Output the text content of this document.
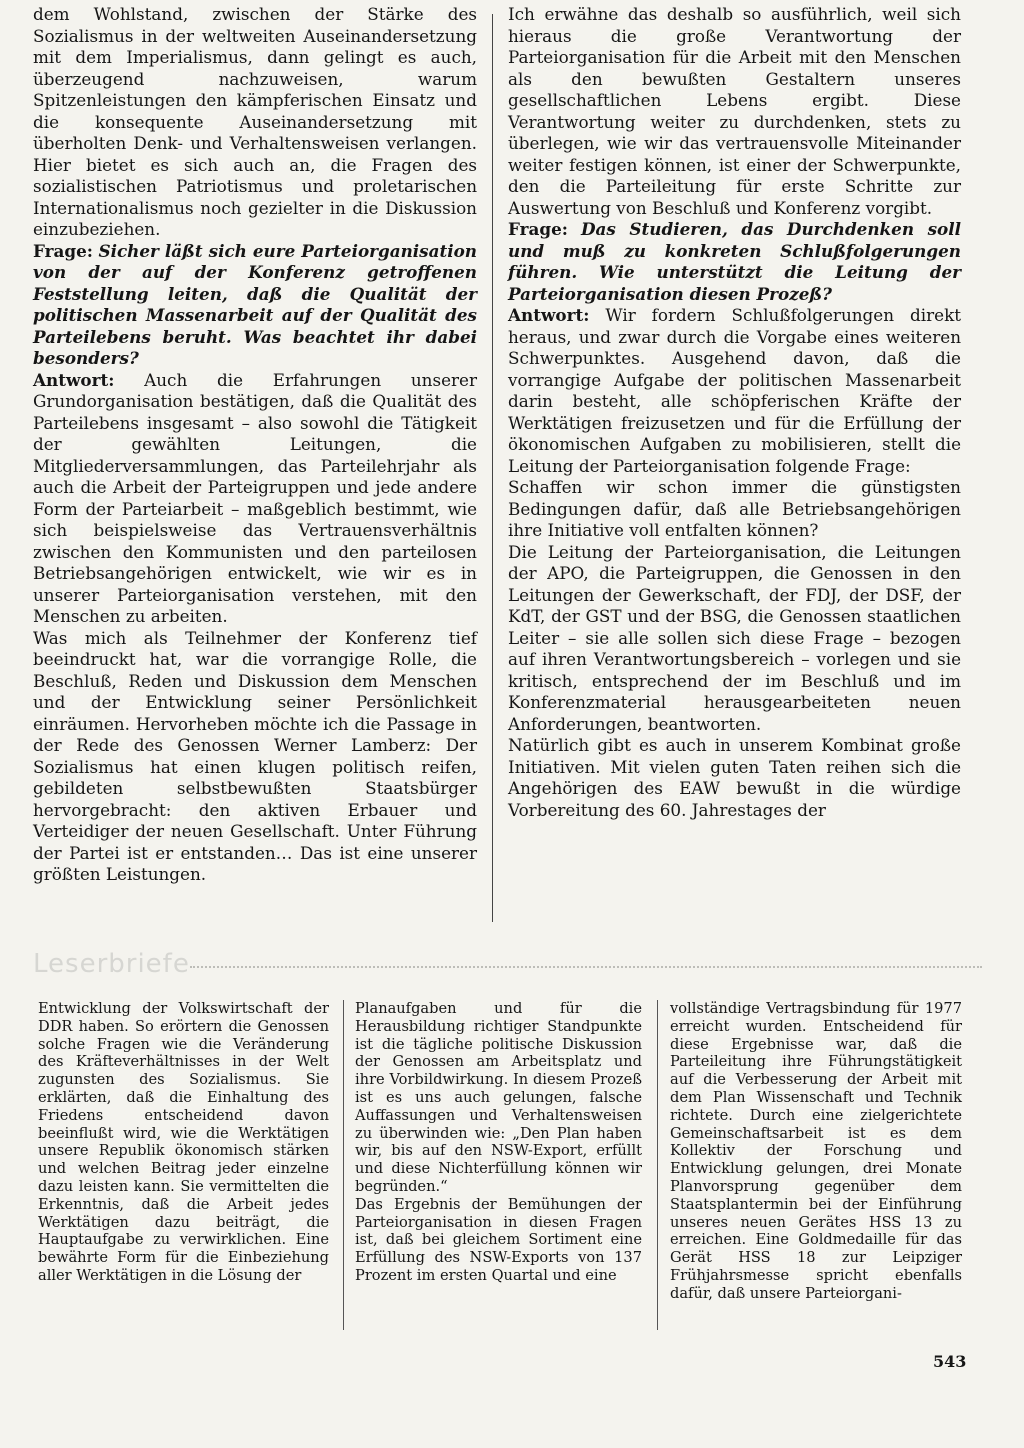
dem Wohlstand, zwischen der Stärke des Sozialismus in der weltweiten Auseinandersetzung mit dem Imperialismus, dann gelingt es auch, überzeugend nachzuweisen, warum Spitzenleistungen den kämpferischen Einsatz und die konsequente Auseinandersetzung mit überholten Denk- und Verhaltensweisen verlangen. Hier bietet es sich auch an, die Fragen des sozialistischen Patriotismus und proletarischen Internationalismus noch gezielter in die Diskussion einzubeziehen.

Frage: Sicher läßt sich eure Parteiorganisation von der auf der Konferenz getroffenen Feststellung leiten, daß die Qualität der politischen Massenarbeit auf der Qualität des Parteilebens beruht. Was beachtet ihr dabei besonders?

Antwort: Auch die Erfahrungen unserer Grundorganisation bestätigen, daß die Qualität des Parteilebens insgesamt – also sowohl die Tätigkeit der gewählten Leitungen, die Mitgliederversammlungen, das Parteilehrjahr als auch die Arbeit der Parteigruppen und jede andere Form der Parteiarbeit – maßgeblich bestimmt, wie sich beispielsweise das Vertrauensverhältnis zwischen den Kommunisten und den parteilosen Betriebsangehörigen entwickelt, wie wir es in unserer Parteiorganisation verstehen, mit den Menschen zu arbeiten.

Was mich als Teilnehmer der Konferenz tief beeindruckt hat, war die vorrangige Rolle, die Beschluß, Reden und Diskussion dem Menschen und der Entwicklung seiner Persönlichkeit einräumen. Hervorheben möchte ich die Passage in der Rede des Genossen Werner Lamberz: Der Sozialismus hat einen klugen politisch reifen, gebildeten selbstbewußten Staatsbürger hervorgebracht: den aktiven Erbauer und Verteidiger der neuen Gesellschaft. Unter Führung der Partei ist er entstanden… Das ist eine unserer größten Leistungen.

Ich erwähne das deshalb so ausführlich, weil sich hieraus die große Verantwortung der Parteiorganisation für die Arbeit mit den Menschen als den bewußten Gestaltern unseres gesellschaftlichen Lebens ergibt. Diese Verantwortung weiter zu durchdenken, stets zu überlegen, wie wir das vertrauensvolle Miteinander weiter festigen können, ist einer der Schwerpunkte, den die Parteileitung für erste Schritte zur Auswertung von Beschluß und Konferenz vorgibt.

Frage: Das Studieren, das Durchdenken soll und muß zu konkreten Schlußfolgerungen führen. Wie unterstützt die Leitung der Parteiorganisation diesen Prozeß?

Antwort: Wir fordern Schlußfolgerungen direkt heraus, und zwar durch die Vorgabe eines weiteren Schwerpunktes. Ausgehend davon, daß die vorrangige Aufgabe der politischen Massenarbeit darin besteht, alle schöpferischen Kräfte der Werktätigen freizusetzen und für die Erfüllung der ökonomischen Aufgaben zu mobilisieren, stellt die Leitung der Parteiorganisation folgende Frage:

Schaffen wir schon immer die günstigsten Bedingungen dafür, daß alle Betriebsangehörigen ihre Initiative voll entfalten können?

Die Leitung der Parteiorganisation, die Leitungen der APO, die Parteigruppen, die Genossen in den Leitungen der Gewerkschaft, der FDJ, der DSF, der KdT, der GST und der BSG, die Genossen staatlichen Leiter – sie alle sollen sich diese Frage – bezogen auf ihren Verantwortungsbereich – vorlegen und sie kritisch, entsprechend der im Beschluß und im Konferenzmaterial herausgearbeiteten neuen Anforderungen, beantworten.

Natürlich gibt es auch in unserem Kombinat große Initiativen. Mit vielen guten Taten reihen sich die Angehörigen des EAW bewußt in die würdige Vorbereitung des 60. Jahrestages der

Leserbriefe

Entwicklung der Volkswirtschaft der DDR haben. So erörtern die Genossen solche Fragen wie die Veränderung des Kräfteverhältnisses in der Welt zugunsten des Sozialismus. Sie erklärten, daß die Einhaltung des Friedens entscheidend davon beeinflußt wird, wie die Werktätigen unsere Republik ökonomisch stärken und welchen Beitrag jeder einzelne dazu leisten kann. Sie vermittelten die Erkenntnis, daß die Arbeit jedes Werktätigen dazu beiträgt, die Hauptaufgabe zu verwirklichen. Eine bewährte Form für die Einbeziehung aller Werktätigen in die Lösung der

Planaufgaben und für die Herausbildung richtiger Standpunkte ist die tägliche politische Diskussion der Genossen am Arbeitsplatz und ihre Vorbildwirkung. In diesem Prozeß ist es uns auch gelungen, falsche Auffassungen und Verhaltensweisen zu überwinden wie: „Den Plan haben wir, bis auf den NSW-Export, erfüllt und diese Nichterfüllung können wir begründen.“

Das Ergebnis der Bemühungen der Parteiorganisation in diesen Fragen ist, daß bei gleichem Sortiment eine Erfüllung des NSW-Exports von 137 Prozent im ersten Quartal und eine

vollständige Vertragsbindung für 1977 erreicht wurden. Entscheidend für diese Ergebnisse war, daß die Parteileitung ihre Führungstätigkeit auf die Verbesserung der Arbeit mit dem Plan Wissenschaft und Technik richtete. Durch eine zielgerichtete Gemeinschaftsarbeit ist es dem Kollektiv der Forschung und Entwicklung gelungen, drei Monate Planvorsprung gegenüber dem Staatsplantermin bei der Einführung unseres neuen Gerätes HSS 13 zu erreichen. Eine Goldmedaille für das Gerät HSS 18 zur Leipziger Frühjahrsmesse spricht ebenfalls dafür, daß unsere Parteiorgani-

543
